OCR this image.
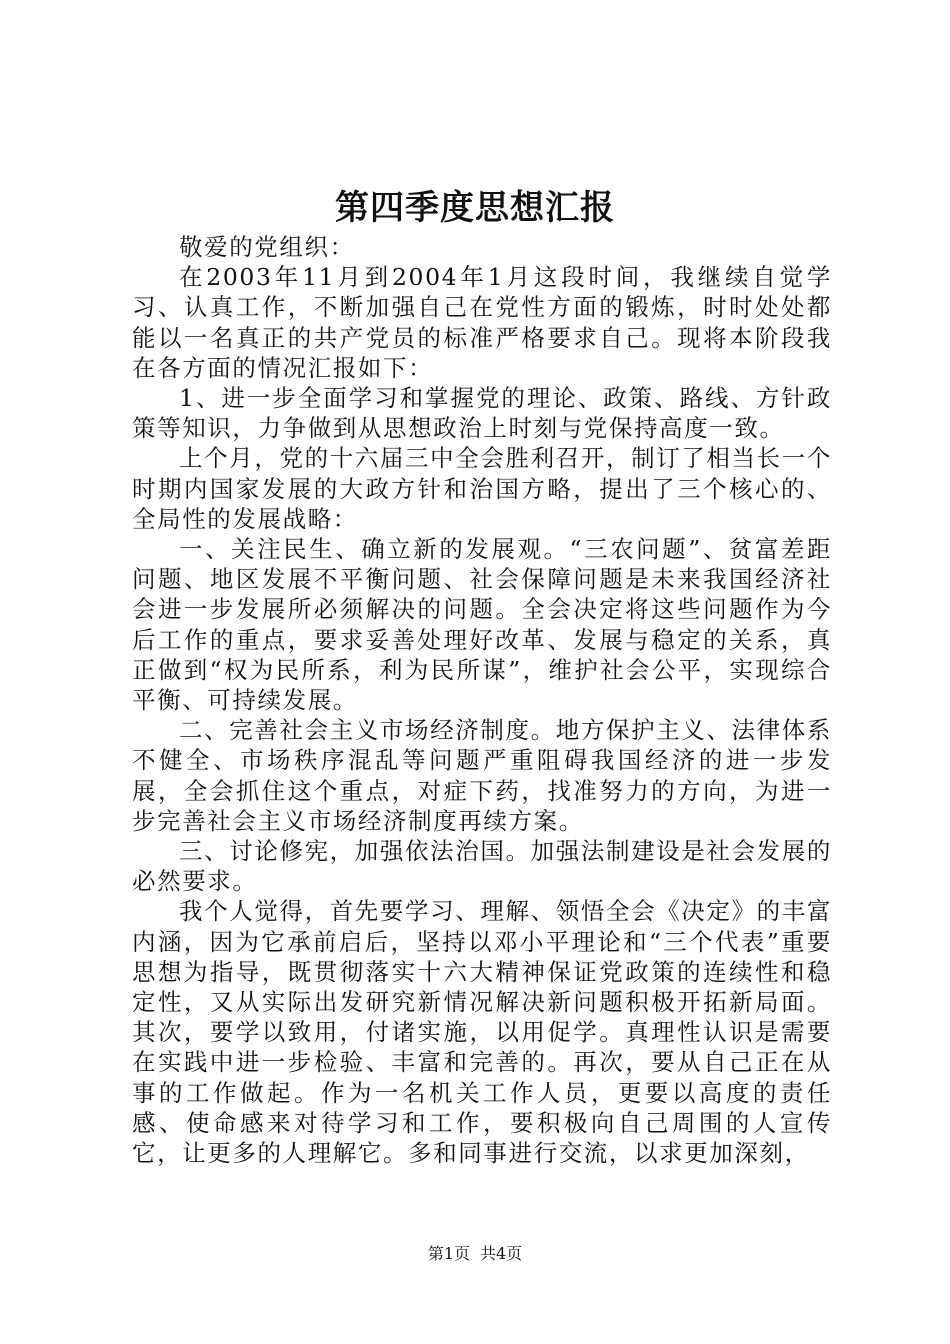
第四季度思想汇报

敬爱的党组织：

在2003年11月到2004年1月这段时间，我继续自觉学习、认真工作，不断加强自己在党性方面的锻炼，时时处处都能以一名真正的共产党员的标准严格要求自己。现将本阶段我在各方面的情况汇报如下：

1、进一步全面学习和掌握党的理论、政策、路线、方针政策等知识，力争做到从思想政治上时刻与党保持高度一致。

上个月，党的十六届三中全会胜利召开，制订了相当长一个时期内国家发展的大政方针和治国方略，提出了三个核心的、全局性的发展战略：

一、关注民生、确立新的发展观。“三农问题”、贫富差距问题、地区发展不平衡问题、社会保障问题是未来我国经济社会进一步发展所必须解决的问题。全会决定将这些问题作为今后工作的重点，要求妥善处理好改革、发展与稳定的关系，真正做到“权为民所系，利为民所谋”，维护社会公平，实现综合平衡、可持续发展。

二、完善社会主义市场经济制度。地方保护主义、法律体系不健全、市场秩序混乱等问题严重阻碍我国经济的进一步发展，全会抓住这个重点，对症下药，找准努力的方向，为进一步完善社会主义市场经济制度再续方案。

三、讨论修宪，加强依法治国。加强法制建设是社会发展的必然要求。

我个人觉得，首先要学习、理解、领悟全会《决定》的丰富内涵，因为它承前启后，坚持以邓小平理论和“三个代表”重要思想为指导，既贯彻落实十六大精神保证党政策的连续性和稳定性，又从实际出发研究新情况解决新问题积极开拓新局面。其次，要学以致用，付诸实施，以用促学。真理性认识是需要在实践中进一步检验、丰富和完善的。再次，要从自己正在从事的工作做起。作为一名机关工作人员，更要以高度的责任感、使命感来对待学习和工作，要积极向自己周围的人宣传它，让更多的人理解它。多和同事进行交流，以求更加深刻，

第1页 共4页
